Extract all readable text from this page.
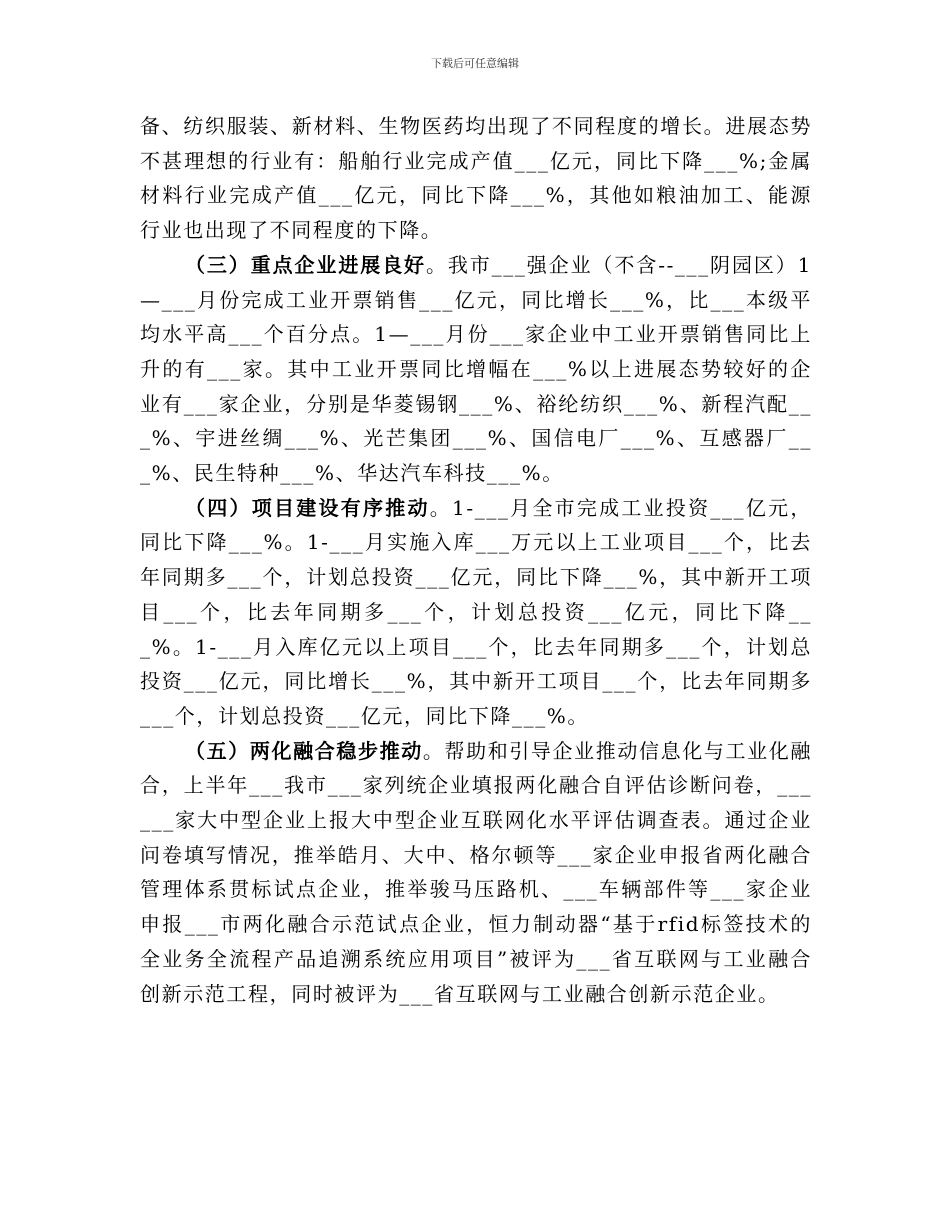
下载后可任意编辑

备、纺织服装、新材料、生物医药均出现了不同程度的增长。进展态势不甚理想的行业有：船舶行业完成产值___亿元，同比下降___%;金属材料行业完成产值___亿元，同比下降___%，其他如粮油加工、能源行业也出现了不同程度的下降。

（三）重点企业进展良好。我市___强企业（不含--___阴园区）1—___月份完成工业开票销售___亿元，同比增长___%，比___本级平均水平高___个百分点。1—___月份___家企业中工业开票销售同比上升的有___家。其中工业开票同比增幅在___%以上进展态势较好的企业有___家企业，分别是华菱锡钢___%、裕纶纺织___%、新程汽配___%、宇进丝绸___%、光芒集团___%、国信电厂___%、互感器厂___%、民生特种___%、华达汽车科技___%。

（四）项目建设有序推动。1-___月全市完成工业投资___亿元，同比下降___%。1-___月实施入库___万元以上工业项目___个，比去年同期多___个，计划总投资___亿元，同比下降___%，其中新开工项目___个，比去年同期多___个，计划总投资___亿元，同比下降___%。1-___月入库亿元以上项目___个，比去年同期多___个，计划总投资___亿元，同比增长___%，其中新开工项目___个，比去年同期多___个，计划总投资___亿元，同比下降___%。

（五）两化融合稳步推动。帮助和引导企业推动信息化与工业化融合，上半年___我市___家列统企业填报两化融合自评估诊断问卷，______家大中型企业上报大中型企业互联网化水平评估调查表。通过企业问卷填写情况，推举皓月、大中、格尔顿等___家企业申报省两化融合管理体系贯标试点企业，推举骏马压路机、___车辆部件等___家企业申报___市两化融合示范试点企业，恒力制动器“基于rfid标签技术的全业务全流程产品追溯系统应用项目”被评为___省互联网与工业融合创新示范工程，同时被评为___省互联网与工业融合创新示范企业。
